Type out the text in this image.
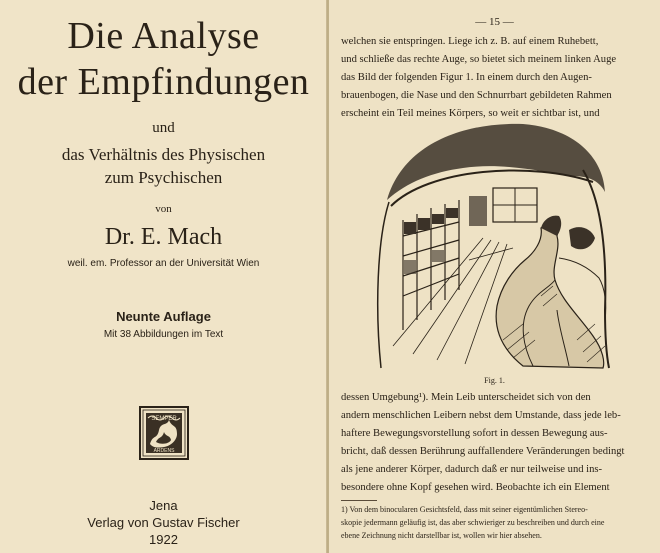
Die Analyse
der Empfindungen
und
das Verhältnis des Physischen
zum Psychischen
von
Dr. E. Mach
weil. em. Professor an der Universität Wien
Neunte Auflage
Mit 38 Abbildungen im Text
SEMPER
ARDENS
Jena
Verlag von Gustav Fischer
1922
— 15 —
welchen sie entspringen. Liege ich z. B. auf einem Ruhebett,
und schließe das rechte Auge, so bietet sich meinem linken Auge
das Bild der folgenden Figur 1. In einem durch den Augen-
brauenbogen, die Nase und den Schnurrbart gebildeten Rahmen
erscheint ein Teil meines Körpers, so weit er sichtbar ist, und
Fig. 1.
dessen Umgebung¹). Mein Leib unterscheidet sich von den
andern menschlichen Leibern nebst dem Umstande, dass jede leb-
haftere Bewegungsvorstellung sofort in dessen Bewegung aus-
bricht, daß dessen Berührung auffallendere Veränderungen bedingt
als jene anderer Körper, dadurch daß er nur teilweise und ins-
besondere ohne Kopf gesehen wird. Beobachte ich ein Element
1) Von dem binocularen Gesichtsfeld, dass mit seiner eigentümlichen Stereo-
skopie jedermann geläufig ist, das aber schwieriger zu beschreiben und durch eine
ebene Zeichnung nicht darstellbar ist, wollen wir hier absehen.
